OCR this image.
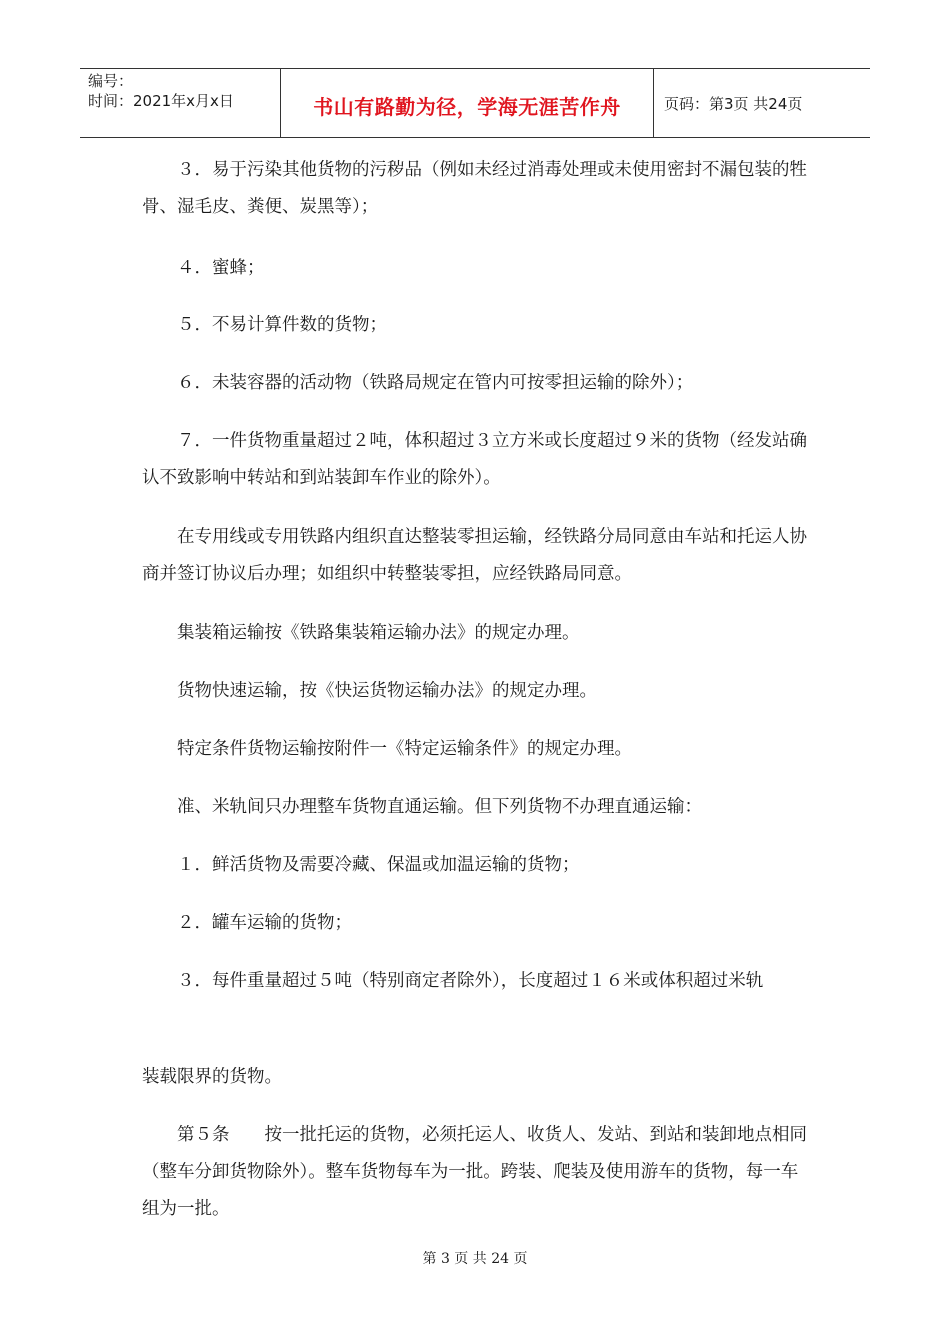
编号：
时间：2021年x月x日	书山有路勤为径，学海无涯苦作舟	页码：第3页 共24页

　　３．易于污染其他货物的污秽品（例如未经过消毒处理或未使用密封不漏包装的牲骨、湿毛皮、粪便、炭黑等）；

　　４．蜜蜂；

　　５．不易计算件数的货物；

　　６．未装容器的活动物（铁路局规定在管内可按零担运输的除外）；

　　７．一件货物重量超过２吨，体积超过３立方米或长度超过９米的货物（经发站确认不致影响中转站和到站装卸车作业的除外）。

　　在专用线或专用铁路内组织直达整装零担运输，经铁路分局同意由车站和托运人协商并签订协议后办理；如组织中转整装零担，应经铁路局同意。

　　集装箱运输按《铁路集装箱运输办法》的规定办理。

　　货物快速运输，按《快运货物运输办法》的规定办理。

　　特定条件货物运输按附件一《特定运输条件》的规定办理。

　　准、米轨间只办理整车货物直通运输。但下列货物不办理直通运输：

　　１．鲜活货物及需要冷藏、保温或加温运输的货物；

　　２．罐车运输的货物；

　　３．每件重量超过５吨（特别商定者除外），长度超过１６米或体积超过米轨

装载限界的货物。

　　第５条　　按一批托运的货物，必须托运人、收货人、发站、到站和装卸地点相同（整车分卸货物除外）。整车货物每车为一批。跨装、爬装及使用游车的货物，每一车组为一批。

第 3 页 共 24 页
